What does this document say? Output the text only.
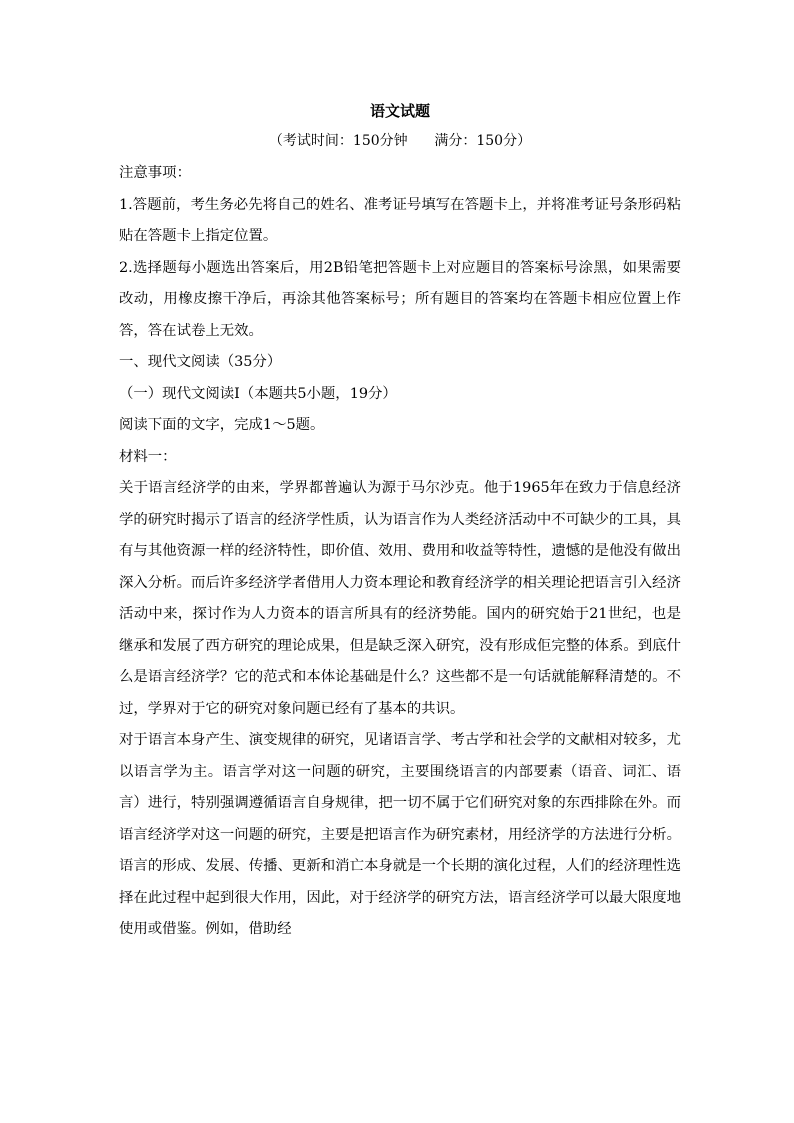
语文试题

（考试时间：150分钟      满分：150分）

注意事项：

1.答题前，考生务必先将自己的姓名、准考证号填写在答题卡上，并将准考证号条形码粘贴在答题卡上指定位置。

2.选择题每小题选出答案后，用2B铅笔把答题卡上对应题目的答案标号涂黑，如果需要改动，用橡皮擦干净后，再涂其他答案标号；所有题目的答案均在答题卡相应位置上作答，答在试卷上无效。

一、现代文阅读（35分）

（一）现代文阅读Ⅰ（本题共5小题，19分）

阅读下面的文字，完成1～5题。

材料一：

关于语言经济学的由来，学界都普遍认为源于马尔沙克。他于1965年在致力于信息经济学的研究时揭示了语言的经济学性质，认为语言作为人类经济活动中不可缺少的工具，具有与其他资源一样的经济特性，即价值、效用、费用和收益等特性，遗憾的是他没有做出深入分析。而后许多经济学者借用人力资本理论和教育经济学的相关理论把语言引入经济活动中来，探讨作为人力资本的语言所具有的经济势能。国内的研究始于21世纪，也是继承和发展了西方研究的理论成果，但是缺乏深入研究，没有形成佢完整的体系。到底什么是语言经济学？它的范式和本体论基础是什么？这些都不是一句话就能解释清楚的。不过，学界对于它的研究对象问题已经有了基本的共识。

对于语言本身产生、演变规律的研究，见诸语言学、考古学和社会学的文献相对较多，尤以语言学为主。语言学对这一问题的研究，主要围绕语言的内部要素（语音、词汇、语言）进行，特别强调遵循语言自身规律，把一切不属于它们研究对象的东西排除在外。而语言经济学对这一问题的研究，主要是把语言作为研究素材，用经济学的方法进行分析。语言的形成、发展、传播、更新和消亡本身就是一个长期的演化过程，人们的经济理性选择在此过程中起到很大作用，因此，对于经济学的研究方法，语言经济学可以最大限度地使用或借鉴。例如，借助经
